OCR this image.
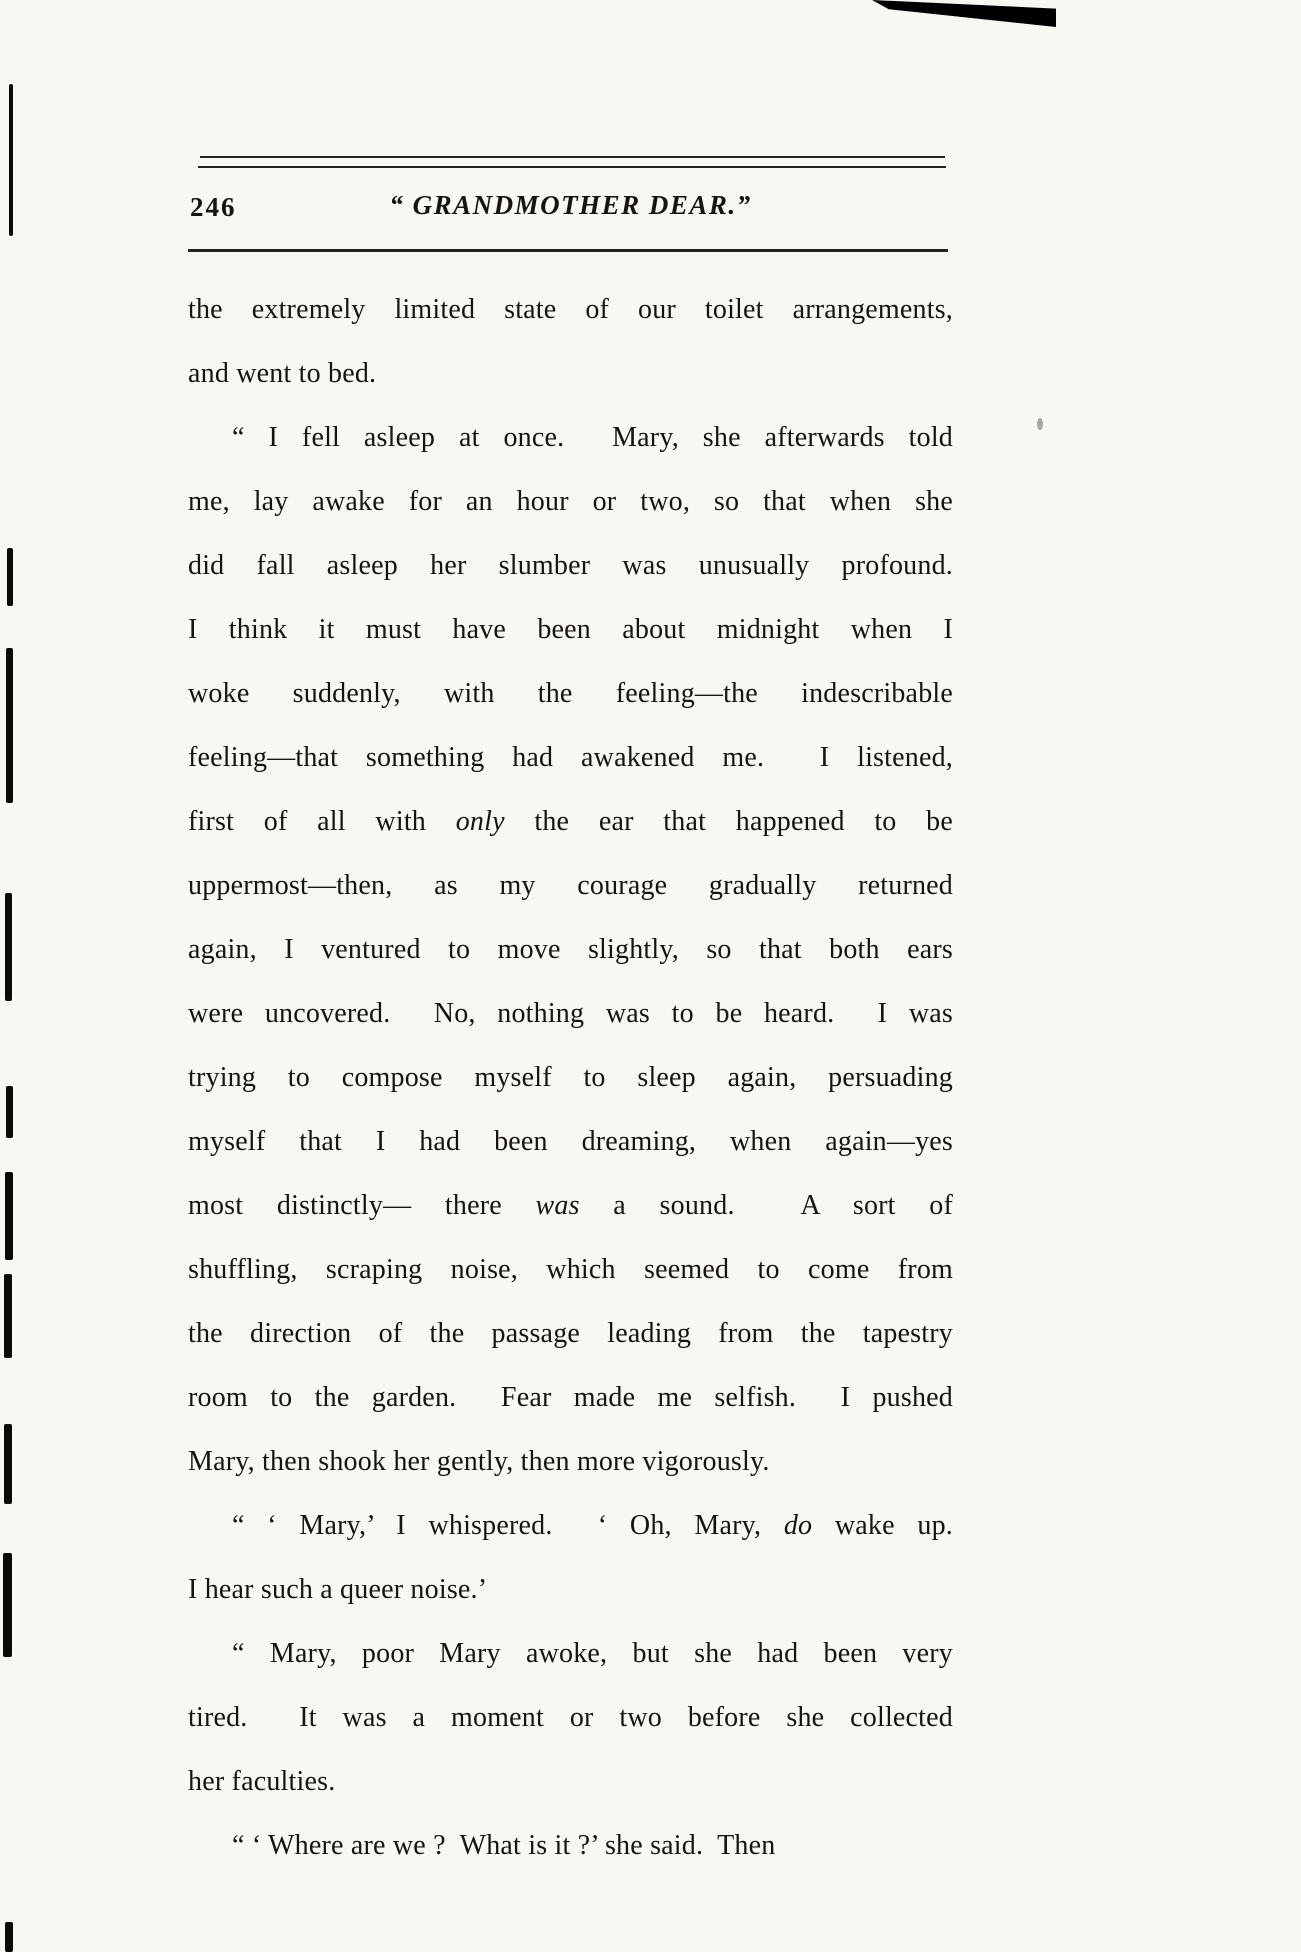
246	“ GRANDMOTHER DEAR.”
the extremely limited state of our toilet arrangements,
and went to bed.
“ I fell asleep at once.  Mary, she afterwards told
me, lay awake for an hour or two, so that when she
did fall asleep her slumber was unusually profound.
I think it must have been about midnight when I
woke suddenly, with the feeling—the indescribable
feeling—that something had awakened me.  I listened,
first of all with only the ear that happened to be
uppermost—then, as my courage gradually returned
again, I ventured to move slightly, so that both ears
were uncovered.  No, nothing was to be heard.  I was
trying to compose myself to sleep again, persuading
myself that I had been dreaming, when again—yes
most distinctly— there was a sound.  A sort of
shuffling, scraping noise, which seemed to come from
the direction of the passage leading from the tapestry
room to the garden.  Fear made me selfish.  I pushed
Mary, then shook her gently, then more vigorously.
“ ‘ Mary,’ I whispered.  ‘ Oh, Mary, do wake up.
I hear such a queer noise.’
“ Mary, poor Mary awoke, but she had been very
tired.  It was a moment or two before she collected
her faculties.
“ ‘ Where are we ?  What is it ?’ she said.  Then
